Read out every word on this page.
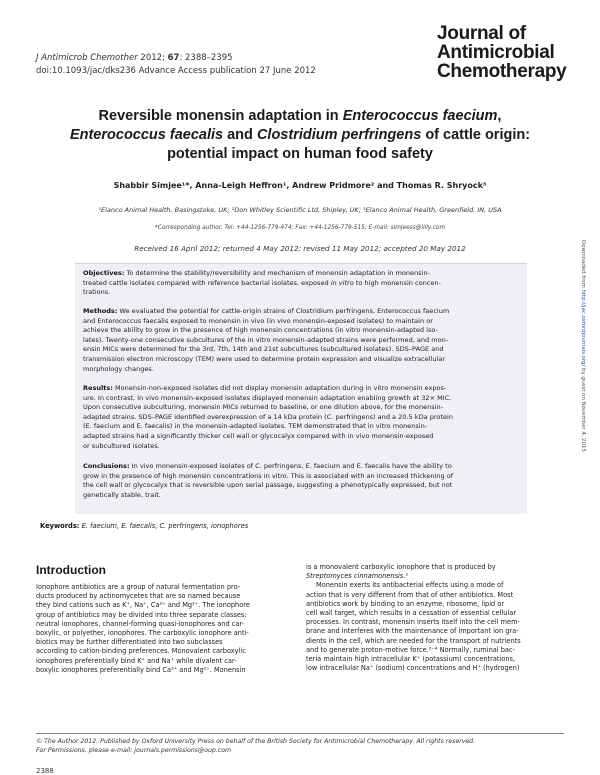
J Antimicrob Chemother 2012; 67: 2388–2395
doi:10.1093/jac/dks236 Advance Access publication 27 June 2012
Journal of
Antimicrobial
Chemotherapy
Reversible monensin adaptation in Enterococcus faecium,
Enterococcus faecalis and Clostridium perfringens of cattle origin:
potential impact on human food safety
Shabbir Simjee¹*, Anna-Leigh Heffron¹, Andrew Pridmore² and Thomas R. Shryock³
¹Elanco Animal Health, Basingstoke, UK; ²Don Whitley Scientific Ltd, Shipley, UK; ³Elanco Animal Health, Greenfield, IN, USA
*Corresponding author. Tel: +44-1256-779-474; Fax: +44-1256-779-515; E-mail: simjeess@lilly.com
Received 16 April 2012; returned 4 May 2012; revised 11 May 2012; accepted 20 May 2012
Objectives: To determine the stability/reversibility and mechanism of monensin adaptation in monensin-
treated cattle isolates compared with reference bacterial isolates, exposed in vitro to high monensin concen-
trations.
Methods: We evaluated the potential for cattle-origin strains of Clostridium perfringens, Enterococcus faecium
and Enterococcus faecalis exposed to monensin in vivo (in vivo monensin-exposed isolates) to maintain or
achieve the ability to grow in the presence of high monensin concentrations (in vitro monensin-adapted iso-
lates). Twenty-one consecutive subcultures of the in vitro monensin-adapted strains were performed, and mon-
ensin MICs were determined for the 3rd, 7th, 14th and 21st subcultures (subcultured isolates). SDS–PAGE and
transmission electron microscopy (TEM) were used to determine protein expression and visualize extracellular
morphology changes.
Results: Monensin-non-exposed isolates did not display monensin adaptation during in vitro monensin expos-
ure. In contrast, in vivo monensin-exposed isolates displayed monensin adaptation enabling growth at 32× MIC.
Upon consecutive subculturing, monensin MICs returned to baseline, or one dilution above, for the monensin-
adapted strains. SDS–PAGE identified overexpression of a 14 kDa protein (C. perfringens) and a 20.5 kDa protein
(E. faecium and E. faecalis) in the monensin-adapted isolates. TEM demonstrated that in vitro monensin-
adapted strains had a significantly thicker cell wall or glycocalyx compared with in vivo monensin-exposed
or subcultured isolates.
Conclusions: In vivo monensin-exposed isolates of C. perfringens, E. faecium and E. faecalis have the ability to
grow in the presence of high monensin concentrations in vitro. This is associated with an increased thickening of
the cell wall or glycocalyx that is reversible upon serial passage, suggesting a phenotypically expressed, but not
genetically stable, trait.
Keywords: E. faecium, E. faecalis, C. perfringens, ionophores
Downloaded from http://jac.oxfordjournals.org/ by guest on November 4, 2015
Introduction
Ionophore antibiotics are a group of natural fermentation pro-
ducts produced by actinomycetes that are so named because
they bind cations such as K⁺, Na⁺, Ca²⁺ and Mg²⁺. The ionophore
group of antibiotics may be divided into three separate classes:
neutral ionophores, channel-forming quasi-ionophores and car-
boxylic, or polyether, ionophores. The carboxylic ionophore anti-
biotics may be further differentiated into two subclasses
according to cation-binding preferences. Monovalent carboxylic
ionophores preferentially bind K⁺ and Na⁺ while divalent car-
boxylic ionophores preferentially bind Ca²⁺ and Mg²⁺. Monensin
is a monovalent carboxylic ionophore that is produced by
Streptomyces cinnamonensis.¹
Monensin exerts its antibacterial effects using a mode of
action that is very different from that of other antibiotics. Most
antibiotics work by binding to an enzyme, ribosome, lipid or
cell wall target, which results in a cessation of essential cellular
processes. In contrast, monensin inserts itself into the cell mem-
brane and interferes with the maintenance of important ion gra-
dients in the cell, which are needed for the transport of nutrients
and to generate proton-motive force.²⁻⁴ Normally, ruminal bac-
teria maintain high intracellular K⁺ (potassium) concentrations,
low intracellular Na⁺ (sodium) concentrations and H⁺ (hydrogen)
© The Author 2012. Published by Oxford University Press on behalf of the British Society for Antimicrobial Chemotherapy. All rights reserved.
For Permissions, please e-mail: journals.permissions@oup.com
2388
